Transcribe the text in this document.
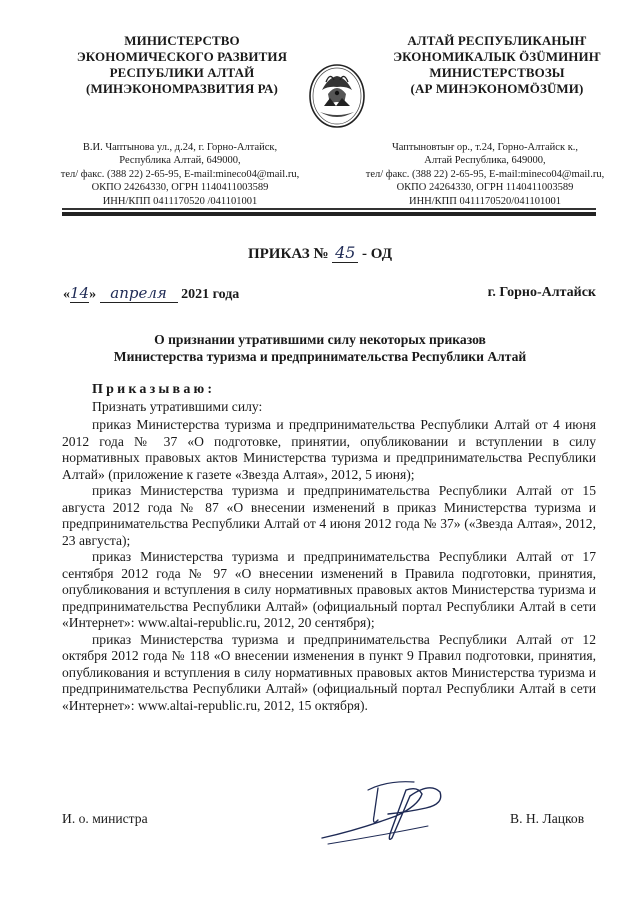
МИНИСТЕРСТВО
ЭКОНОМИЧЕСКОГО РАЗВИТИЯ
РЕСПУБЛИКИ АЛТАЙ
(МИНЭКОНОМРАЗВИТИЯ РА)
В.И. Чаптынова ул., д.24, г. Горно-Алтайск,
Республика Алтай, 649000,
тел/ факс. (388 22) 2-65-95, E-mail:mineco04@mail.ru,
ОКПО 24264330, ОГРН 1140411003589
ИНН/КПП 0411170520 /041101001
АЛТАЙ РЕСПУБЛИКАНЫҤ
ЭКОНОМИКАЛЫК ÖЗÜМИНИҤ
МИНИСТЕРСТВОЗЫ
(АР МИНЭКОНОМÖЗÜМИ)
Чаптыновтыҥ ор., т.24, Горно-Алтайск к.,
Алтай Республика, 649000,
тел/ факс. (388 22) 2-65-95, E-mail:mineco04@mail.ru,
ОКПО 24264330, ОГРН 1140411003589
ИНН/КПП 0411170520/041101001
ПРИКАЗ № 45 - ОД
«14» апреля 2021 года	г. Горно-Алтайск
О признании утратившими силу некоторых приказов
Министерства туризма и предпринимательства Республики Алтай
Приказываю:
Признать утратившими силу:

приказ Министерства туризма и предпринимательства Республики Алтай от 4 июня 2012 года № 37 «О подготовке, принятии, опубликовании и вступлении в силу нормативных правовых актов Министерства туризма и предпринимательства Республики Алтай» (приложение к газете «Звезда Алтая», 2012, 5 июня);

приказ Министерства туризма и предпринимательства Республики Алтай от 15 августа 2012 года № 87 «О внесении изменений в приказ Министерства туризма и предпринимательства Республики Алтай от 4 июня 2012 года № 37» («Звезда Алтая», 2012, 23 августа);

приказ Министерства туризма и предпринимательства Республики Алтай от 17 сентября 2012 года № 97 «О внесении изменений в Правила подготовки, принятия, опубликования и вступления в силу нормативных правовых актов Министерства туризма и предпринимательства Республики Алтай» (официальный портал Республики Алтай в сети «Интернет»: www.altai-republic.ru, 2012, 20 сентября);

приказ Министерства туризма и предпринимательства Республики Алтай от 12 октября 2012 года № 118 «О внесении изменения в пункт 9 Правил подготовки, принятия, опубликования и вступления в силу нормативных правовых актов Министерства туризма и предпринимательства Республики Алтай» (официальный портал Республики Алтай в сети «Интернет»: www.altai-republic.ru, 2012, 15 октября).

И. о. министра	В. Н. Лацков
